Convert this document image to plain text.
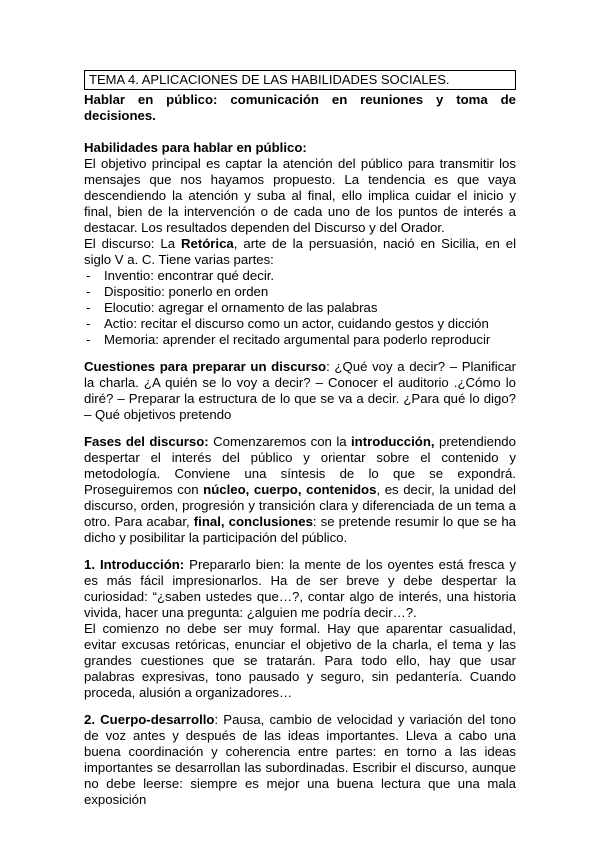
TEMA 4. APLICACIONES DE LAS HABILIDADES SOCIALES.

Hablar en público: comunicación en reuniones y toma de decisiones.

Habilidades para hablar en público:

El objetivo principal es captar la atención del público para transmitir los mensajes que nos hayamos propuesto. La tendencia es que vaya descendiendo la atención y suba al final, ello implica cuidar el inicio y final, bien de la intervención o de cada uno de los puntos de interés a destacar. Los resultados dependen del Discurso y del Orador.

El discurso: La Retórica, arte de la persuasión, nació en Sicilia, en el siglo V a. C. Tiene varias partes:

- Inventio: encontrar qué decir.
- Dispositio: ponerlo en orden
- Elocutio: agregar el ornamento de las palabras
- Actio: recitar el discurso como un actor, cuidando gestos y dicción
- Memoria: aprender el recitado argumental para poderlo reproducir

Cuestiones para preparar un discurso: ¿Qué voy a decir? – Planificar la charla. ¿A quién se lo voy a decir? – Conocer el auditorio .¿Cómo lo diré? – Preparar la estructura de lo que se va a decir. ¿Para qué lo digo? – Qué objetivos pretendo

Fases del discurso: Comenzaremos con la introducción, pretendiendo despertar el interés del público y orientar sobre el contenido y metodología. Conviene una síntesis de lo que se expondrá. Proseguiremos con núcleo, cuerpo, contenidos, es decir, la unidad del discurso, orden, progresión y transición clara y diferenciada de un tema a otro. Para acabar, final, conclusiones: se pretende resumir lo que se ha dicho y posibilitar la participación del público.

1. Introducción: Prepararlo bien: la mente de los oyentes está fresca y es más fácil impresionarlos. Ha de ser breve y debe despertar la curiosidad: “¿saben ustedes que…?, contar algo de interés, una historia vivida, hacer una pregunta: ¿alguien me podría decir…?.

El comienzo no debe ser muy formal. Hay que aparentar casualidad, evitar excusas retóricas, enunciar el objetivo de la charla, el tema y las grandes cuestiones que se tratarán. Para todo ello, hay que usar palabras expresivas, tono pausado y seguro, sin pedantería. Cuando proceda, alusión a organizadores…

2. Cuerpo-desarrollo: Pausa, cambio de velocidad y variación del tono de voz antes y después de las ideas importantes. Lleva a cabo una buena coordinación y coherencia entre partes: en torno a las ideas importantes se desarrollan las subordinadas. Escribir el discurso, aunque no debe leerse: siempre es mejor una buena lectura que una mala exposición
